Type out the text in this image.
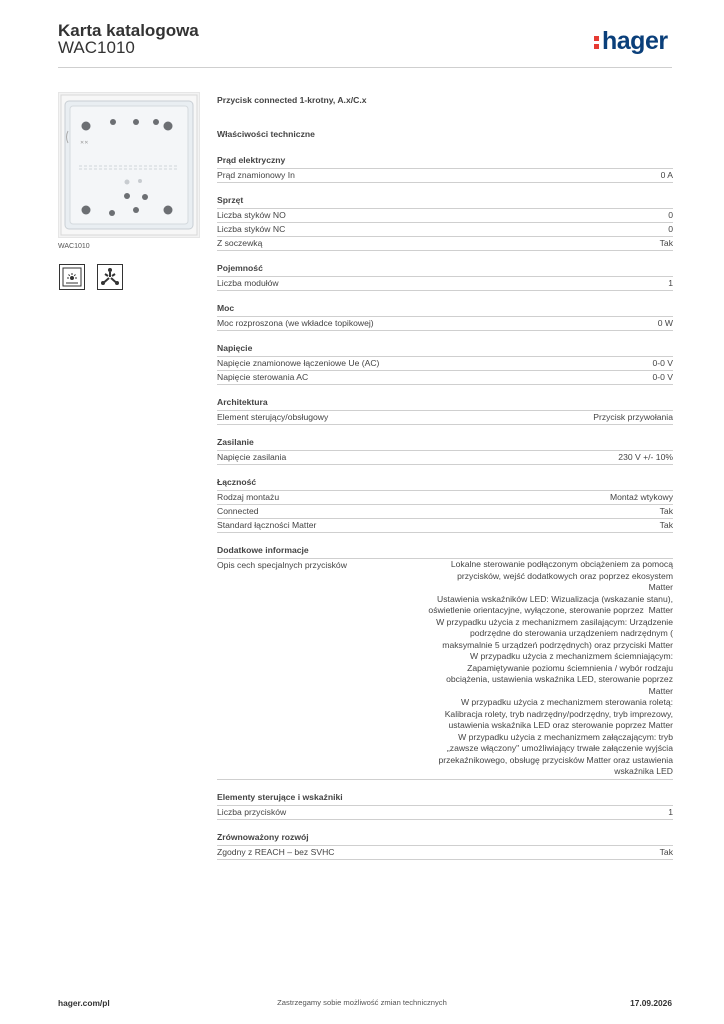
Karta katalogowa
WAC1010	hager
✕✕
WAC1010
Przycisk connected 1-krotny, A.x/C.x
Właściwości techniczne
Prąd elektryczny
Prąd znamionowy In	0 A
Sprzęt
Liczba styków NO	0
Liczba styków NC	0
Z soczewką	Tak
Pojemność
Liczba modułów	1
Moc
Moc rozproszona (we wkładce topikowej)	0 W
Napięcie
Napięcie znamionowe łączeniowe Ue (AC)	0-0 V
Napięcie sterowania AC	0-0 V
Architektura
Element sterujący/obsługowy	Przycisk przywołania
Zasilanie
Napięcie zasilania	230 V +/- 10%
Łączność
Rodzaj montażu	Montaż wtykowy
Connected	Tak
Standard łączności Matter	Tak
Dodatkowe informacje
Opis cech specjalnych przycisków	Lokalne sterowanie podłączonym obciążeniem za pomocą
przycisków, wejść dodatkowych oraz poprzez ekosystem
Matter
Ustawienia wskaźników LED: Wizualizacja (wskazanie stanu),
oświetlenie orientacyjne, wyłączone, sterowanie poprzez  Matter
W przypadku użycia z mechanizmem zasilającym: Urządzenie
podrzędne do sterowania urządzeniem nadrzędnym (
maksymalnie 5 urządzeń podrzędnych) oraz przyciski Matter
W przypadku użycia z mechanizmem ściemniającym:
Zapamiętywanie poziomu ściemnienia / wybór rodzaju
obciążenia, ustawienia wskaźnika LED, sterowanie poprzez
Matter
W przypadku użycia z mechanizmem sterowania roletą:
Kalibracja rolety, tryb nadrzędny/podrzędny, tryb imprezowy,
ustawienia wskaźnika LED oraz sterowanie poprzez Matter
W przypadku użycia z mechanizmem załączającym: tryb
„zawsze włączony" umożliwiający trwałe załączenie wyjścia
przekaźnikowego, obsługę przycisków Matter oraz ustawienia
wskaźnika LED
Elementy sterujące i wskaźniki
Liczba przycisków	1
Zrównoważony rozwój
Zgodny z REACH – bez SVHC	Tak
hager.com/pl	Zastrzegamy sobie możliwość zmian technicznych	17.09.2026
